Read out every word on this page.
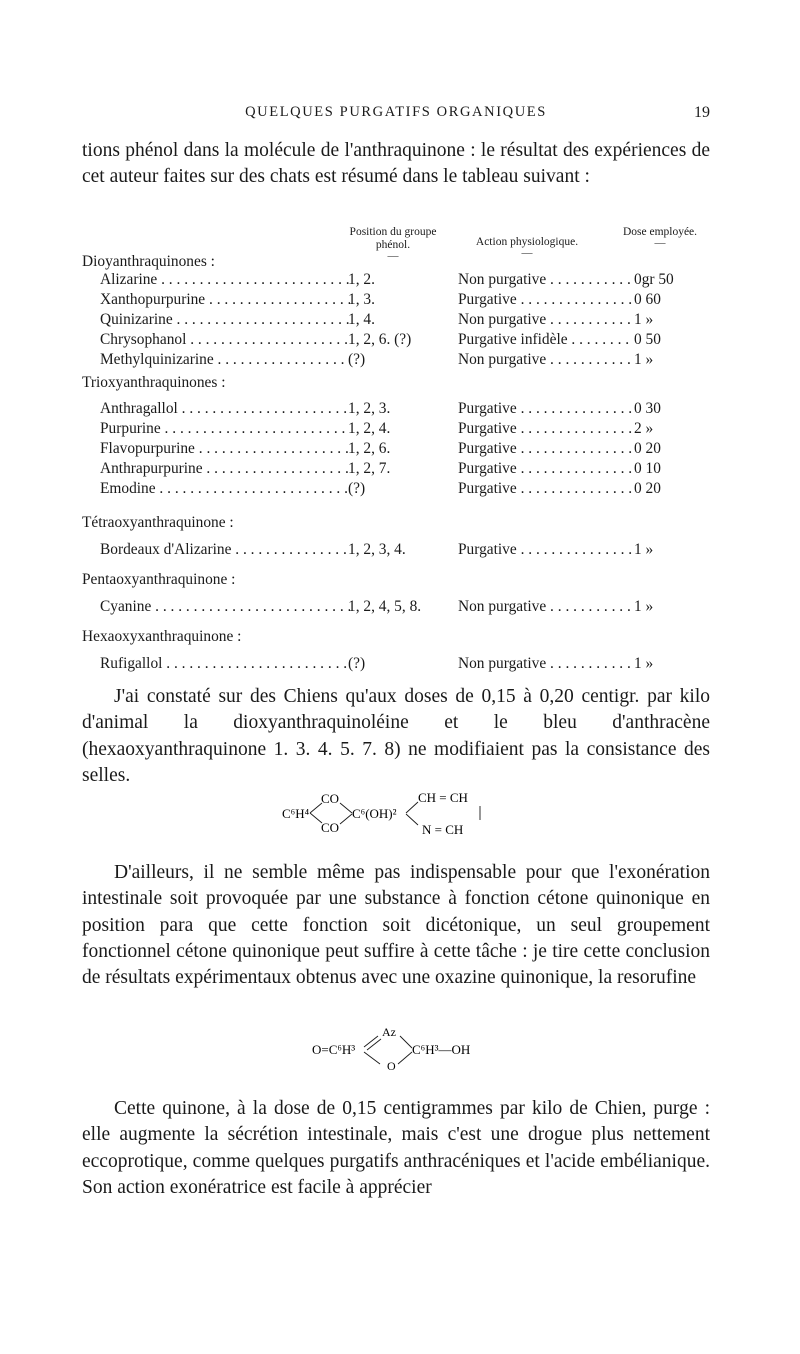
QUELQUES PURGATIFS ORGANIQUES	19

tions phénol dans la molécule de l'anthraquinone : le résultat des expériences de cet auteur faites sur des chats est résumé dans le tableau suivant :

Position du groupe phénol.
—
Action physiologique.
—
Dose employée.
—
Dioyanthraquinones :
Alizarine . . .	1, 2.	Non purgative . . .	0gr 50
Xanthopurpurine . . .	1, 3.	Purgative . . .	0 60
Quinizarine . . .	1, 4.	Non purgative . . .	1 »
Chrysophanol . . .	1, 2, 6. (?)	Purgative infidèle . . .	0 50
Methylquinizarine . . .	(?)	Non purgative . . .	1 »
Trioxyanthraquinones :
Anthragallol . . .	1, 2, 3.	Purgative . . .	0 30
Purpurine . . .	1, 2, 4.	Purgative . . .	2 »
Flavopurpurine . . .	1, 2, 6.	Purgative . . .	0 20
Anthrapurpurine . . .	1, 2, 7.	Purgative . . .	0 10
Emodine . . .	(?)	Purgative . . .	0 20
Tétraoxyanthraquinone :
Bordeaux d'Alizarine . . .	1, 2, 3, 4.	Purgative . . .	1 »
Pentaoxyanthraquinone :
Cyanine . . .	1, 2, 4, 5, 8.	Non purgative . . .	1 »
Hexaoxyxanthraquinone :
Rufigallol . . .	(?)	Non purgative . . .	1 »

J'ai constaté sur des Chiens qu'aux doses de 0,15 à 0,20 centigr. par kilo d'animal la dioxyanthraquinoléine et le bleu d'anthracène (hexaoxyanthraquinone 1. 3. 4. 5. 7. 8) ne modifiaient pas la consistance des selles.

C⁶H⁴
CO
CO
C⁶(OH)²
CH = CH
N = CH

D'ailleurs, il ne semble même pas indispensable pour que l'exonération intestinale soit provoquée par une substance à fonction cétone quinonique en position para que cette fonction soit dicétonique, un seul groupement fonctionnel cétone quinonique peut suffire à cette tâche : je tire cette conclusion de résultats expérimentaux obtenus avec une oxazine quinonique, la resorufine

O=C⁶H³
Az
O
C⁶H³—OH

Cette quinone, à la dose de 0,15 centigrammes par kilo de Chien, purge : elle augmente la sécrétion intestinale, mais c'est une drogue plus nettement eccoprotique, comme quelques purgatifs anthracéniques et l'acide embélianique. Son action exonératrice est facile à apprécier
